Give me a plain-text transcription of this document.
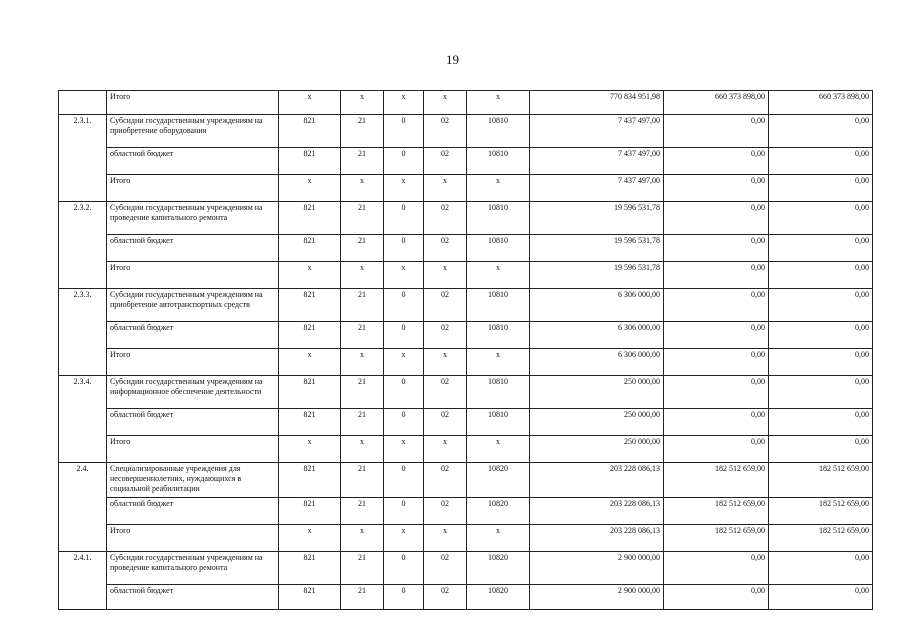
19
	Итого	х	х	х	х	х	770 834 951,98	660 373 898,00	660 373 898,00
2.3.1.	Субсидии государственным учреждениям на приобретение оборудования	821	21	0	02	10810	7 437 497,00	0,00	0,00
	областной бюджет	821	21	0	02	10810	7 437 497,00	0,00	0,00
	Итого	х	х	х	х	х	7 437 497,00	0,00	0,00
2.3.2.	Субсидии государственным учреждениям на проведение капитального ремонта	821	21	0	02	10810	19 596 531,78	0,00	0,00
	областной бюджет	821	21	0	02	10810	19 596 531,78	0,00	0,00
	Итого	х	х	х	х	х	19 596 531,78	0,00	0,00
2.3.3.	Субсидии государственным учреждениям на приобретение автотранспортных средств	821	21	0	02	10810	6 306 000,00	0,00	0,00
	областной бюджет	821	21	0	02	10810	6 306 000,00	0,00	0,00
	Итого	х	х	х	х	х	6 306 000,00	0,00	0,00
2.3.4.	Субсидии государственным учреждениям на информационное обеспечение деятельности	821	21	0	02	10810	250 000,00	0,00	0,00
	областной бюджет	821	21	0	02	10810	250 000,00	0,00	0,00
	Итого	х	х	х	х	х	250 000,00	0,00	0,00
2.4.	Специализированные учреждения для несовершеннолетних, нуждающихся в социальной реабилитации	821	21	0	02	10820	203 228 086,13	182 512 659,00	182 512 659,00
	областной бюджет	821	21	0	02	10820	203 228 086,13	182 512 659,00	182 512 659,00
	Итого	х	х	х	х	х	203 228 086,13	182 512 659,00	182 512 659,00
2.4.1.	Субсидии государственным учреждениям на проведение капитального ремонта	821	21	0	02	10820	2 900 000,00	0,00	0,00
	областной бюджет	821	21	0	02	10820	2 900 000,00	0,00	0,00
